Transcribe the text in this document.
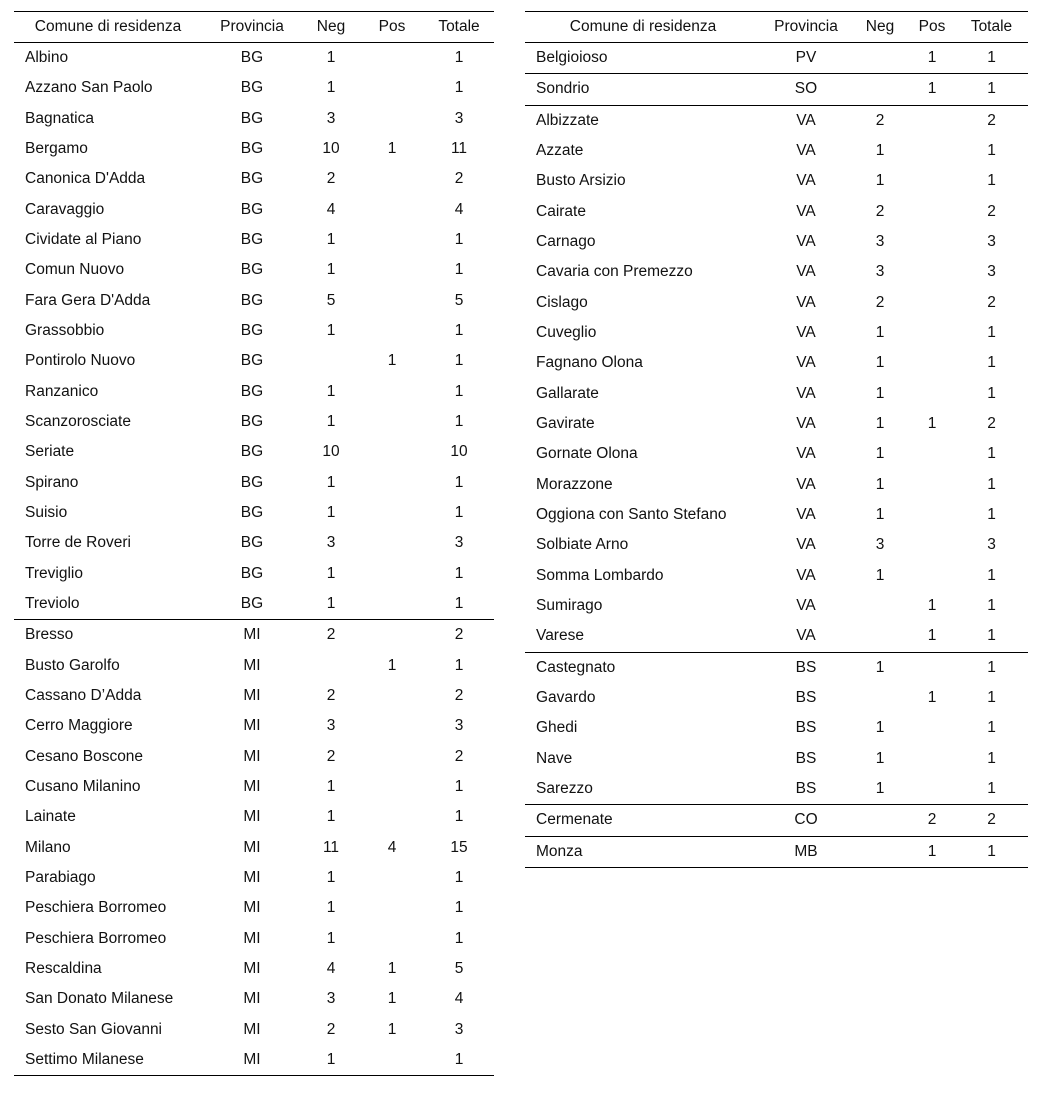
Comune di residenza	Provincia	Neg	Pos	Totale
Albino	BG	1		1
Azzano San Paolo	BG	1		1
Bagnatica	BG	3		3
Bergamo	BG	10	1	11
Canonica D'Adda	BG	2		2
Caravaggio	BG	4		4
Cividate al Piano	BG	1		1
Comun Nuovo	BG	1		1
Fara Gera D'Adda	BG	5		5
Grassobbio	BG	1		1
Pontirolo Nuovo	BG		1	1
Ranzanico	BG	1		1
Scanzorosciate	BG	1		1
Seriate	BG	10		10
Spirano	BG	1		1
Suisio	BG	1		1
Torre de Roveri	BG	3		3
Treviglio	BG	1		1
Treviolo	BG	1		1
Bresso	MI	2		2
Busto Garolfo	MI		1	1
Cassano D’Adda	MI	2		2
Cerro Maggiore	MI	3		3
Cesano Boscone	MI	2		2
Cusano Milanino	MI	1		1
Lainate	MI	1		1
Milano	MI	11	4	15
Parabiago	MI	1		1
Peschiera Borromeo	MI	1		1
Peschiera Borromeo	MI	1		1
Rescaldina	MI	4	1	5
San Donato Milanese	MI	3	1	4
Sesto San Giovanni	MI	2	1	3
Settimo Milanese	MI	1		1
Comune di residenza	Provincia	Neg	Pos	Totale
Belgioioso	PV		1	1
Sondrio	SO		1	1
Albizzate	VA	2		2
Azzate	VA	1		1
Busto Arsizio	VA	1		1
Cairate	VA	2		2
Carnago	VA	3		3
Cavaria con Premezzo	VA	3		3
Cislago	VA	2		2
Cuveglio	VA	1		1
Fagnano Olona	VA	1		1
Gallarate	VA	1		1
Gavirate	VA	1	1	2
Gornate Olona	VA	1		1
Morazzone	VA	1		1
Oggiona con Santo Stefano	VA	1		1
Solbiate Arno	VA	3		3
Somma Lombardo	VA	1		1
Sumirago	VA		1	1
Varese	VA		1	1
Castegnato	BS	1		1
Gavardo	BS		1	1
Ghedi	BS	1		1
Nave	BS	1		1
Sarezzo	BS	1		1
Cermenate	CO		2	2
Monza	MB		1	1
